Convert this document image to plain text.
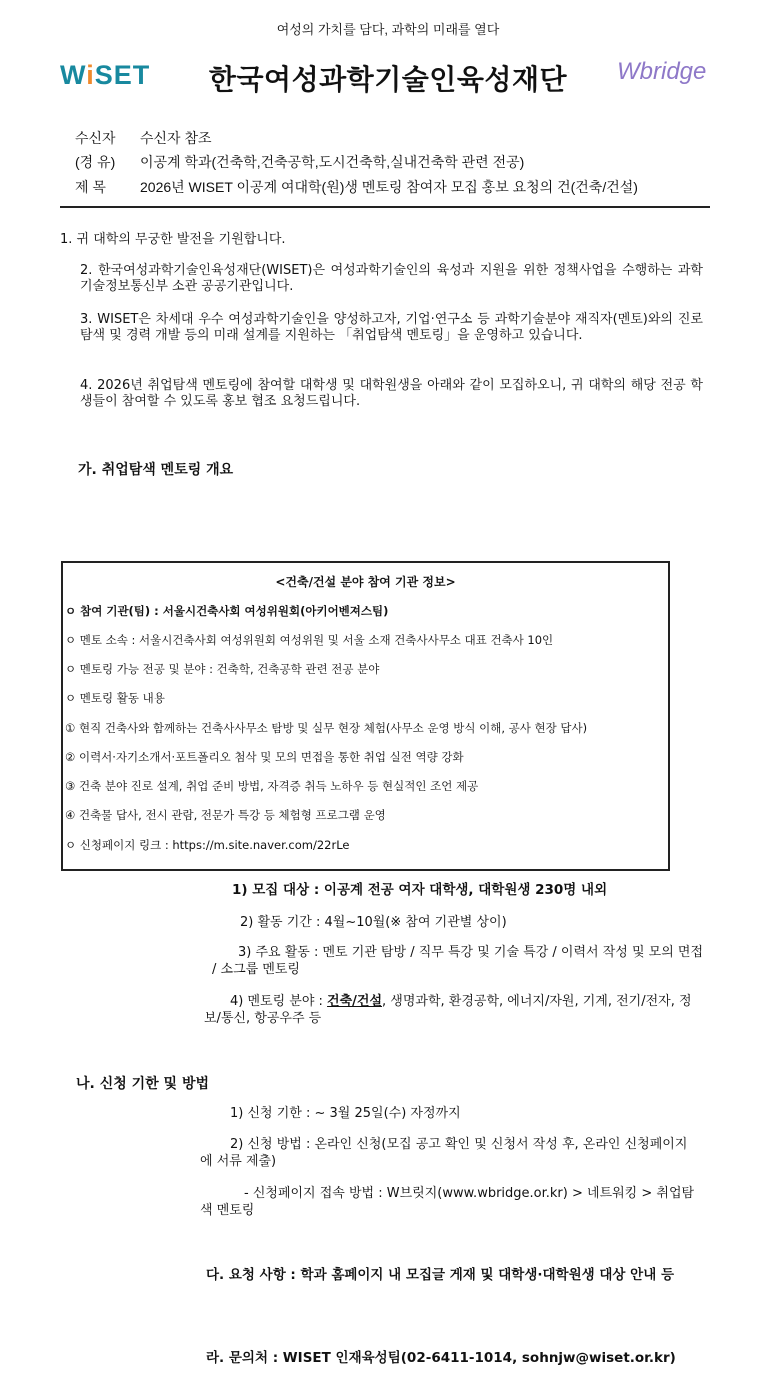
여성의 가치를 담다, 과학의 미래를 열다
WiSET	한국여성과학기술인육성재단	Wbridge
수신자 수신자 참조
(경 유) 이공계 학과(건축학,건축공학,도시건축학,실내건축학 관련 전공)
제 목 2026년 WISET 이공계 여대학(원)생 멘토링 참여자 모집 홍보 요청의 건(건축/건설)
1. 귀 대학의 무궁한 발전을 기원합니다.
2. 한국여성과학기술인육성재단(WISET)은 여성과학기술인의 육성과 지원을 위한 정책사업을 수행하는 과학기술정보통신부 소관 공공기관입니다.
3. WISET은 차세대 우수 여성과학기술인을 양성하고자, 기업·연구소 등 과학기술분야 재직자(멘토)와의 진로 탐색 및 경력 개발 등의 미래 설계를 지원하는 「취업탐색 멘토링」을 운영하고 있습니다.
4. 2026년 취업탐색 멘토링에 참여할 대학생 및 대학원생을 아래와 같이 모집하오니, 귀 대학의 해당 전공 학생들이 참여할 수 있도록 홍보 협조 요청드립니다.
가. 취업탐색 멘토링 개요
<건축/건설 분야 참여 기관 정보>
ㅇ 참여 기관(팀) : 서울시건축사회 여성위원회(아키어벤져스팀)
ㅇ 멘토 소속 : 서울시건축사회 여성위원회 여성위원 및 서울 소재 건축사사무소 대표 건축사 10인
ㅇ 멘토링 가능 전공 및 분야 : 건축학, 건축공학 관련 전공 분야
ㅇ 멘토링 활동 내용
① 현직 건축사와 함께하는 건축사사무소 탐방 및 실무 현장 체험(사무소 운영 방식 이해, 공사 현장 답사)
② 이력서·자기소개서·포트폴리오 첨삭 및 모의 면접을 통한 취업 실전 역량 강화
③ 건축 분야 진로 설계, 취업 준비 방법, 자격증 취득 노하우 등 현실적인 조언 제공
④ 건축물 답사, 전시 관람, 전문가 특강 등 체험형 프로그램 운영
ㅇ 신청페이지 링크 : https://m.site.naver.com/22rLe
1) 모집 대상 : 이공계 전공 여자 대학생, 대학원생 230명 내외
2) 활동 기간 : 4월~10월(※ 참여 기관별 상이)
3) 주요 활동 : 멘토 기관 탐방 / 직무 특강 및 기술 특강 / 이력서 작성 및 모의 면접 / 소그룹 멘토링
4) 멘토링 분야 : 건축/건설, 생명과학, 환경공학, 에너지/자원, 기계, 전기/전자, 정보/통신, 항공우주 등
나. 신청 기한 및 방법
1) 신청 기한 : ~ 3월 25일(수) 자정까지
2) 신청 방법 : 온라인 신청(모집 공고 확인 및 신청서 작성 후, 온라인 신청페이지에 서류 제출)
- 신청페이지 접속 방법 : W브릿지(www.wbridge.or.kr) > 네트워킹 > 취업탐색 멘토링
다. 요청 사항 : 학과 홈페이지 내 모집글 게재 및 대학생·대학원생 대상 안내 등
라. 문의처 : WISET 인재육성팀(02-6411-1014, sohnjw@wiset.or.kr)
